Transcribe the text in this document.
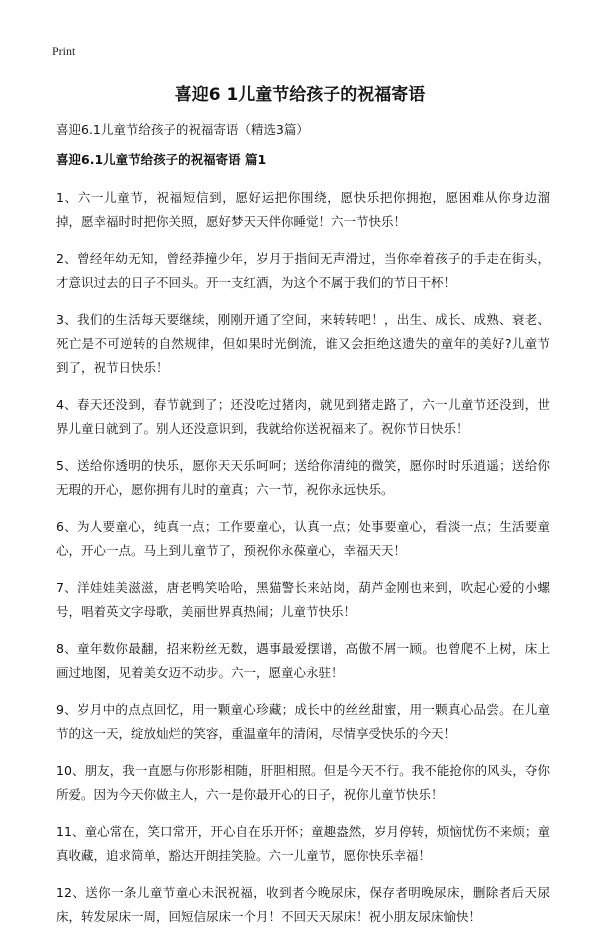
Print
喜迎6 1儿童节给孩子的祝福寄语
喜迎6.1儿童节给孩子的祝福寄语（精选3篇）
喜迎6.1儿童节给孩子的祝福寄语 篇1

1、六一儿童节，祝福短信到，愿好运把你围绕，愿快乐把你拥抱，愿困难从你身边溜掉，愿幸福时时把你关照，愿好梦天天伴你睡觉！六一节快乐！

2、曾经年幼无知，曾经莽撞少年，岁月于指间无声滑过，当你牵着孩子的手走在街头，才意识过去的日子不回头。开一支红酒，为这个不属于我们的节日干杯！

3、我们的生活每天要继续，刚刚开通了空间，来转转吧！，出生、成长、成熟、衰老、死亡是不可逆转的自然规律，但如果时光倒流，谁又会拒绝这遗失的童年的美好?儿童节到了，祝节日快乐！

4、春天还没到，春节就到了；还没吃过猪肉，就见到猪走路了，六一儿童节还没到，世界儿童日就到了。别人还没意识到，我就给你送祝福来了。祝你节日快乐！

5、送给你透明的快乐，愿你天天乐呵呵；送给你清纯的微笑，愿你时时乐逍遥；送给你无瑕的开心，愿你拥有儿时的童真；六一节，祝你永远快乐。

6、为人要童心，纯真一点；工作要童心，认真一点；处事要童心，看淡一点；生活要童心，开心一点。马上到儿童节了，预祝你永葆童心，幸福天天！

7、洋娃娃美滋滋，唐老鸭笑哈哈，黑猫警长来站岗，葫芦金刚也来到，吹起心爱的小螺号，唱着英文字母歌，美丽世界真热闹；儿童节快乐！

8、童年数你最翻，招来粉丝无数，遇事最爱摆谱，高傲不屑一顾。也曾爬不上树，床上画过地图，见着美女迈不动步。六一，愿童心永驻！

9、岁月中的点点回忆，用一颗童心珍藏；成长中的丝丝甜蜜，用一颗真心品尝。在儿童节的这一天，绽放灿烂的笑容，重温童年的清闲，尽情享受快乐的今天！

10、朋友，我一直愿与你形影相随，肝胆相照。但是今天不行。我不能抢你的风头，夺你所爱。因为今天你做主人，六一是你最开心的日子，祝你儿童节快乐！

11、童心常在，笑口常开，开心自在乐开怀；童趣盎然，岁月停转，烦恼忧伤不来烦；童真收藏，追求简单，豁达开朗挂笑脸。六一儿童节，愿你快乐幸福！

12、送你一条儿童节童心未泯祝福，收到者今晚尿床，保存者明晚尿床，删除者后天尿床，转发尿床一周，回短信尿床一个月！不回天天尿床！祝小朋友尿床愉快！
